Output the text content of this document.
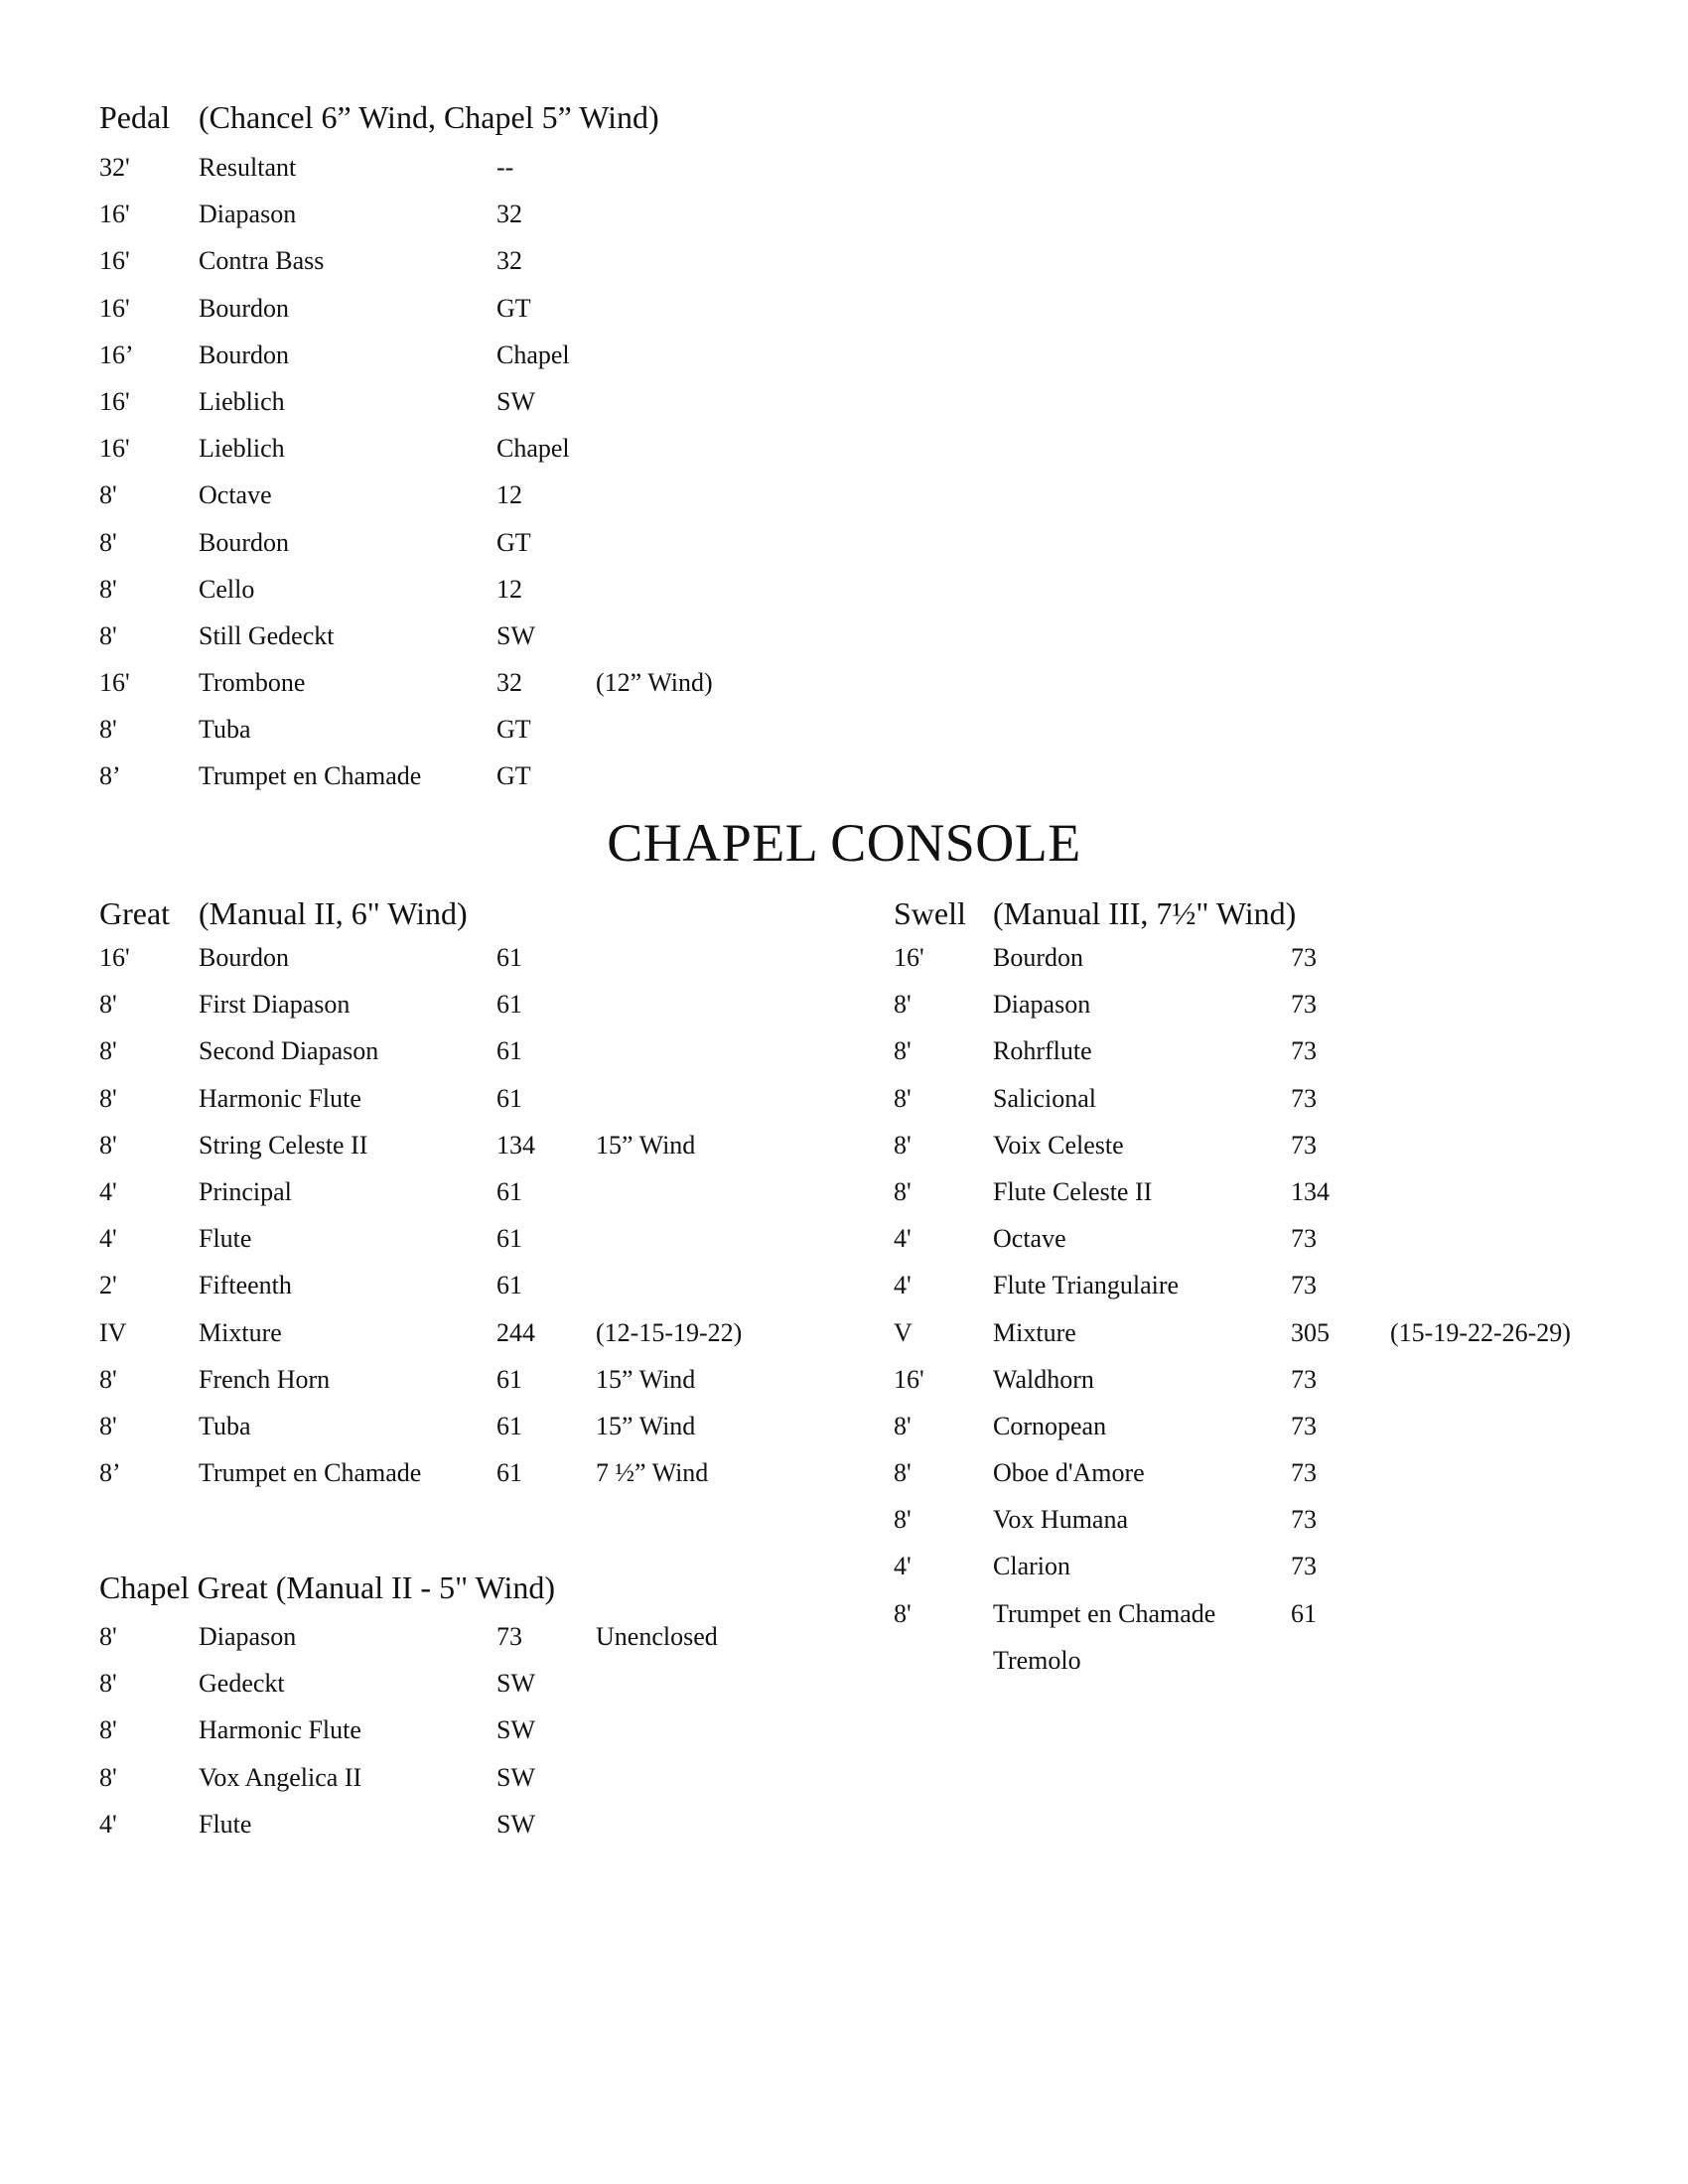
Pedal (Chancel 6” Wind, Chapel 5” Wind)
32'	Resultant	--
16'	Diapason	32
16'	Contra Bass	32
16'	Bourdon	GT
16’	Bourdon	Chapel
16'	Lieblich	SW
16'	Lieblich	Chapel
8'	Octave	12
8'	Bourdon	GT
8'	Cello	12
8'	Still Gedeckt	SW
16'	Trombone	32	(12” Wind)
8'	Tuba	GT
8’	Trumpet en Chamade	GT
CHAPEL CONSOLE
Great (Manual II, 6" Wind)
16'	Bourdon	61
8'	First Diapason	61
8'	Second Diapason	61
8'	Harmonic Flute	61
8'	String Celeste II	134 15” Wind
4'	Principal	61
4'	Flute	61
2'	Fifteenth	61
IV	Mixture	244 (12-15-19-22)
8'	French Horn	61	15” Wind
8'	Tuba	61	15” Wind
8’	Trumpet en Chamade	61	7 ½” Wind
Chapel Great (Manual II - 5" Wind)
8'	Diapason	73	Unenclosed
8'	Gedeckt	SW
8'	Harmonic Flute	SW
8'	Vox Angelica II	SW
4'	Flute	SW
Swell (Manual III, 7½" Wind)
16'	Bourdon	73
8'	Diapason	73
8'	Rohrflute	73
8'	Salicional	73
8'	Voix Celeste	73
8'	Flute Celeste II	134
4'	Octave	73
4'	Flute Triangulaire	73
V	Mixture	305 (15-19-22-26-29)
16'	Waldhorn	73
8'	Cornopean	73
8'	Oboe d'Amore	73
8'	Vox Humana	73
4'	Clarion	73
8'	Trumpet en Chamade	61
Tremolo
